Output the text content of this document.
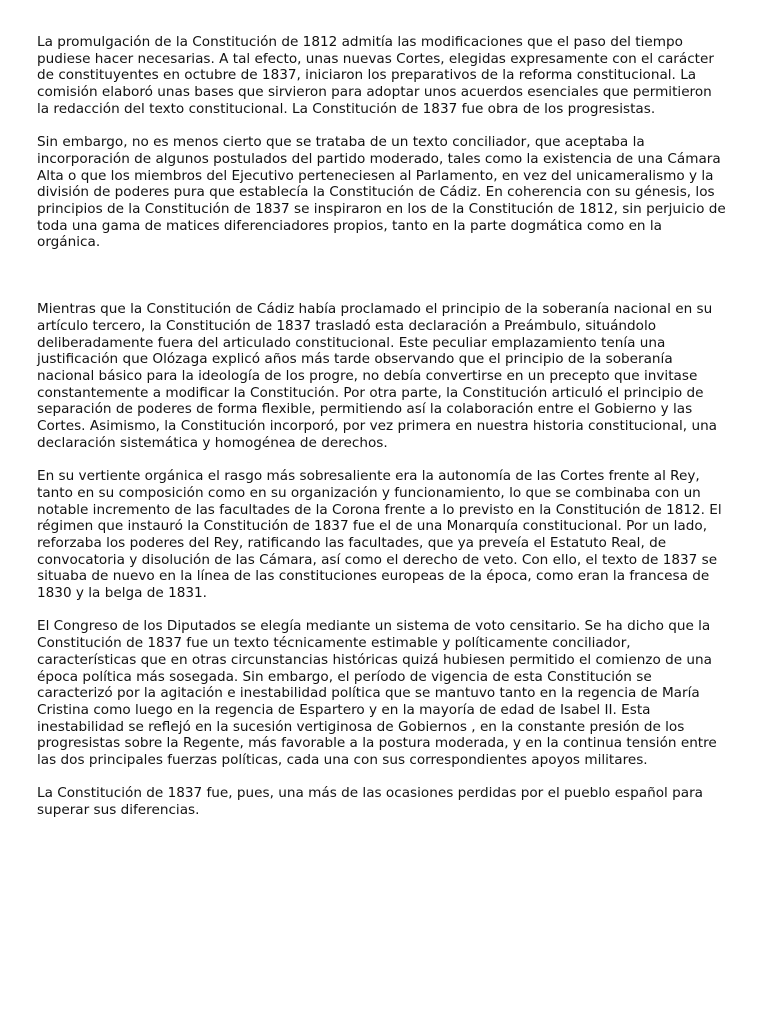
La promulgación de la Constitución de 1812 admitía las modificaciones que el paso del tiempo pudiese hacer necesarias. A tal efecto, unas nuevas Cortes, elegidas expresamente con el carácter de constituyentes en octubre de 1837, iniciaron los preparativos de la reforma constitucional. La comisión elaboró unas bases que sirvieron para adoptar unos acuerdos esenciales que permitieron la redacción del texto constitucional. La Constitución de 1837 fue obra de los progresistas.

Sin embargo, no es menos cierto que se trataba de un texto conciliador, que aceptaba la incorporación de algunos postulados del partido moderado, tales como la existencia de una Cámara Alta o que los miembros del Ejecutivo perteneciesen al Parlamento, en vez del unicameralismo y la división de poderes pura que establecía la Constitución de Cádiz. En coherencia con su génesis, los principios de la Constitución de 1837 se inspiraron en los de la Constitución de 1812, sin perjuicio de toda una gama de matices diferenciadores propios, tanto en la parte dogmática como en la orgánica.

Mientras que la Constitución de Cádiz había proclamado el principio de la soberanía nacional en su artículo tercero, la Constitución de 1837 trasladó esta declaración a Preámbulo, situándolo deliberadamente fuera del articulado constitucional. Este peculiar emplazamiento tenía una justificación que Olózaga explicó años más tarde observando que el principio de la soberanía nacional básico para la ideología de los progre, no debía convertirse en un precepto que invitase constantemente a modificar la Constitución. Por otra parte, la Constitución articuló el principio de separación de poderes de forma flexible, permitiendo así la colaboración entre el Gobierno y las Cortes. Asimismo, la Constitución incorporó, por vez primera en nuestra historia constitucional, una declaración sistemática y homogénea de derechos.

En su vertiente orgánica el rasgo más sobresaliente era la autonomía de las Cortes frente al Rey, tanto en su composición como en su organización y funcionamiento, lo que se combinaba con un notable incremento de las facultades de la Corona frente a lo previsto en la Constitución de 1812. El régimen que instauró la Constitución de 1837 fue el de una Monarquía constitucional. Por un lado, reforzaba los poderes del Rey, ratificando las facultades, que ya preveía el Estatuto Real, de convocatoria y disolución de las Cámara, así como el derecho de veto. Con ello, el texto de 1837 se situaba de nuevo en la línea de las constituciones europeas de la época, como eran la francesa de 1830 y la belga de 1831.

El Congreso de los Diputados se elegía mediante un sistema de voto censitario. Se ha dicho que la Constitución de 1837 fue un texto técnicamente estimable y políticamente conciliador, características que en otras circunstancias históricas quizá hubiesen permitido el comienzo de una época política más sosegada. Sin embargo, el período de vigencia de esta Constitución se caracterizó por la agitación e inestabilidad política que se mantuvo tanto en la regencia de María Cristina como luego en la regencia de Espartero y en la mayoría de edad de Isabel II. Esta inestabilidad se reflejó en la sucesión vertiginosa de Gobiernos , en la constante presión de los progresistas sobre la Regente, más favorable a la postura moderada, y en la continua tensión entre las dos principales fuerzas políticas, cada una con sus correspondientes apoyos militares.

La Constitución de 1837 fue, pues, una más de las ocasiones perdidas por el pueblo español para superar sus diferencias.
